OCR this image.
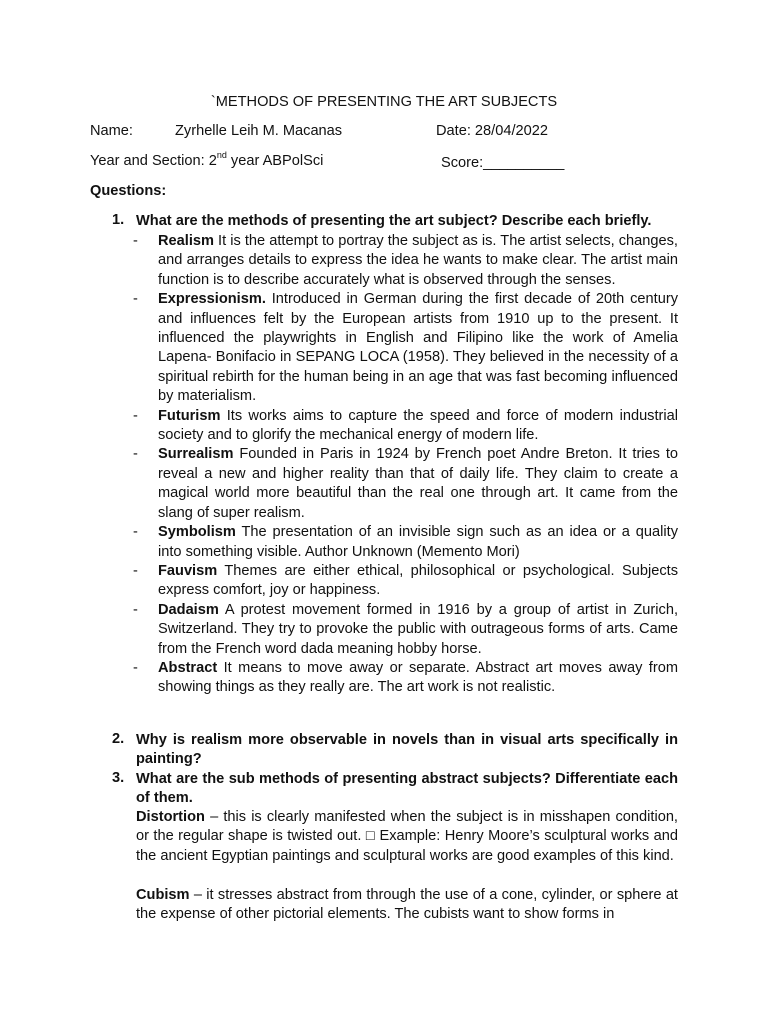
`METHODS OF PRESENTING THE ART SUBJECTS
Name:	Zyrhelle Leih M. Macanas	Date: 28/04/2022
Year and Section: 2nd year ABPolSci	Score:__________
Questions:
1. What are the methods of presenting the art subject? Describe each briefly.
- Realism It is the attempt to portray the subject as is. The artist selects, changes, and arranges details to express the idea he wants to make clear. The artist main function is to describe accurately what is observed through the senses.
- Expressionism. Introduced in German during the first decade of 20th century and influences felt by the European artists from 1910 up to the present. It influenced the playwrights in English and Filipino like the work of Amelia Lapena- Bonifacio in SEPANG LOCA (1958). They believed in the necessity of a spiritual rebirth for the human being in an age that was fast becoming influenced by materialism.
- Futurism Its works aims to capture the speed and force of modern industrial society and to glorify the mechanical energy of modern life.
- Surrealism Founded in Paris in 1924 by French poet Andre Breton. It tries to reveal a new and higher reality than that of daily life. They claim to create a magical world more beautiful than the real one through art. It came from the slang of super realism.
- Symbolism The presentation of an invisible sign such as an idea or a quality into something visible. Author Unknown (Memento Mori)
- Fauvism Themes are either ethical, philosophical or psychological. Subjects express comfort, joy or happiness.
- Dadaism A protest movement formed in 1916 by a group of artist in Zurich, Switzerland. They try to provoke the public with outrageous forms of arts. Came from the French word dada meaning hobby horse.
- Abstract It means to move away or separate. Abstract art moves away from showing things as they really are. The art work is not realistic.
2. Why is realism more observable in novels than in visual arts specifically in painting?
3. What are the sub methods of presenting abstract subjects? Differentiate each of them.
Distortion – this is clearly manifested when the subject is in misshapen condition, or the regular shape is twisted out. □ Example: Henry Moore’s sculptural works and the ancient Egyptian paintings and sculptural works are good examples of this kind.
Cubism – it stresses abstract from through the use of a cone, cylinder, or sphere at the expense of other pictorial elements. The cubists want to show forms in
